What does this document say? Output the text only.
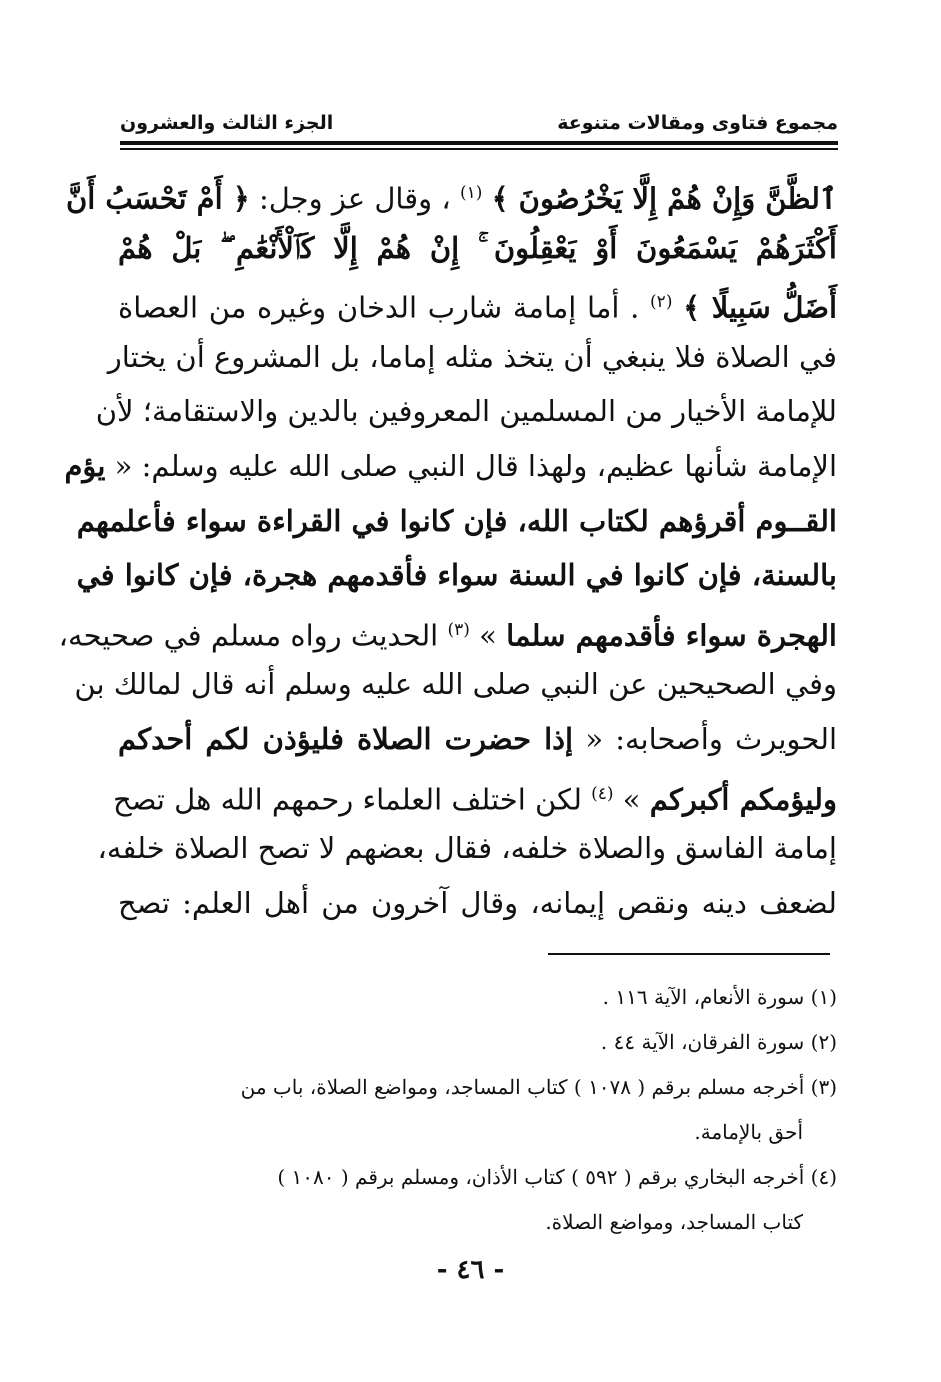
مجموع فتاوى ومقالات متنوعة
الجزء الثالث والعشرون
ٱلظَّنَّ وَإِنْ هُمْ إِلَّا يَخْرُصُونَ ﴾ $^{(١)}$ ، وقال عز وجل: ﴿ أَمْ تَحْسَبُ أَنَّ
أَكْثَرَهُمْ يَسْمَعُونَ أَوْ يَعْقِلُونَ ۚ إِنْ هُمْ إِلَّا كَٱلْأَنْعَٰمِ ۖ بَلْ هُمْ
أَضَلُّ سَبِيلًا ﴾ $^{(٢)}$ . أما إمامة شارب الدخان وغيره من العصاة
في الصلاة فلا ينبغي أن يتخذ مثله إماما، بل المشروع أن يختار
للإمامة الأخيار من المسلمين المعروفين بالدين والاستقامة؛ لأن
الإمامة شأنها عظيم، ولهذا قال النبي صلى الله عليه وسلم: « يؤم
القــوم أقرؤهم لكتاب الله، فإن كانوا في القراءة سواء فأعلمهم
بالسنة، فإن كانوا في السنة سواء فأقدمهم هجرة، فإن كانوا في
الهجرة سواء فأقدمهم سلما » $^{(٣)}$ الحديث رواه مسلم في صحيحه،
وفي الصحيحين عن النبي صلى الله عليه وسلم أنه قال لمالك بن
الحويرث وأصحابه: « إذا حضرت الصلاة فليؤذن لكم أحدكم
وليؤمكم أكبركم » $^{(٤)}$ لكن اختلف العلماء رحمهم الله هل تصح
إمامة الفاسق والصلاة خلفه، فقال بعضهم لا تصح الصلاة خلفه،
لضعف دينه ونقص إيمانه، وقال آخرون من أهل العلم: تصح
(١) سورة الأنعام، الآية ١١٦ .
(٢) سورة الفرقان، الآية ٤٤ .
(٣) أخرجه مسلم برقم ( ١٠٧٨ ) كتاب المساجد، ومواضع الصلاة، باب من
أحق بالإمامة.
(٤) أخرجه البخاري برقم ( ٥٩٢ ) كتاب الأذان، ومسلم برقم ( ١٠٨٠ )
كتاب المساجد، ومواضع الصلاة.
- ٤٦ -
